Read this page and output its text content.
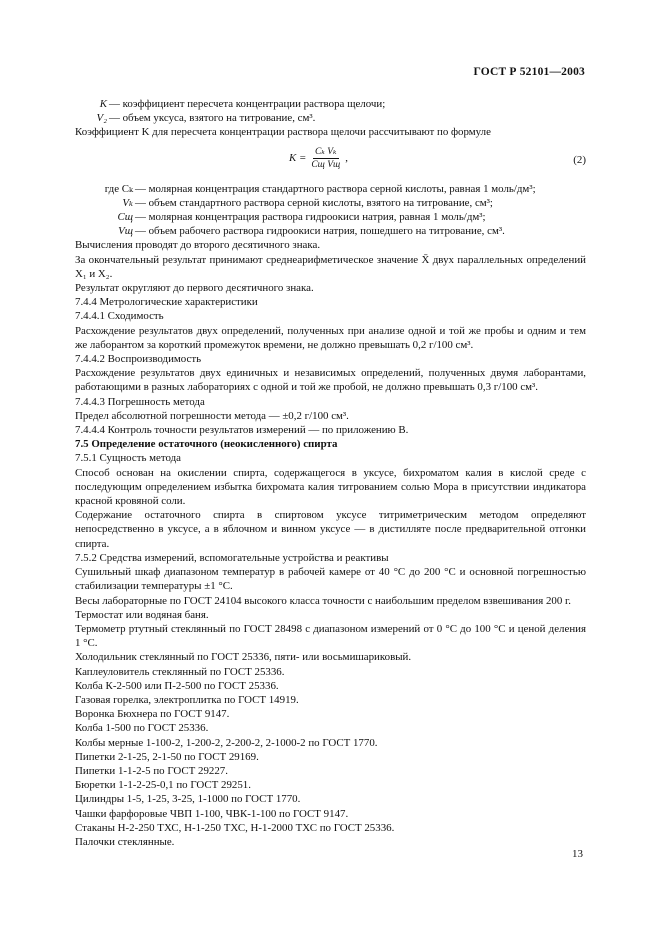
ГОСТ Р 52101—2003
K — коэффициент пересчета концентрации раствора щелочи;
V₂ — объем уксуса, взятого на титрование, см³.

Коэффициент K для пересчета концентрации раствора щелочи рассчитывают по формуле

$K = \frac{\text{Cₖ Vₖ}}{\text{Cщ Vщ}}$ ,	(2)
где Cₖ — молярная концентрация стандартного раствора серной кислоты, равная 1 моль/дм³;
Vₖ — объем стандартного раствора серной кислоты, взятого на титрование, см³;
Cщ — молярная концентрация раствора гидроокиси натрия, равная 1 моль/дм³;
Vщ — объем рабочего раствора гидроокиси натрия, пошедшего на титрование, см³.

Вычисления проводят до второго десятичного знака.

За окончательный результат принимают среднеарифметическое значение X̄ двух параллельных определений X₁ и X₂.

Результат округляют до первого десятичного знака.

7.4.4 Метрологические характеристики

7.4.4.1 Сходимость

Расхождение результатов двух определений, полученных при анализе одной и той же пробы и одним и тем же лаборантом за короткий промежуток времени, не должно превышать 0,2 г/100 см³.

7.4.4.2 Воспроизводимость

Расхождение результатов двух единичных и независимых определений, полученных двумя лаборантами, работающими в разных лабораториях с одной и той же пробой, не должно превышать 0,3 г/100 см³.

7.4.4.3 Погрешность метода

Предел абсолютной погрешности метода — ±0,2 г/100 см³.

7.4.4.4 Контроль точности результатов измерений — по приложению В.

7.5 Определение остаточного (неокисленного) спирта

7.5.1 Сущность метода

Способ основан на окислении спирта, содержащегося в уксусе, бихроматом калия в кислой среде с последующим определением избытка бихромата калия титрованием солью Мора в присутствии индикатора красной кровяной соли.

Содержание остаточного спирта в спиртовом уксусе титриметрическим методом определяют непосредственно в уксусе, а в яблочном и винном уксусе — в дистилляте после предварительной отгонки спирта.

7.5.2 Средства измерений, вспомогательные устройства и реактивы

Сушильный шкаф диапазоном температур в рабочей камере от 40 °С до 200 °С и основной погрешностью стабилизации температуры ±1 °С.

Весы лабораторные по ГОСТ 24104 высокого класса точности с наибольшим пределом взвешивания 200 г.

Термостат или водяная баня.

Термометр ртутный стеклянный по ГОСТ 28498 с диапазоном измерений от 0 °С до 100 °С и ценой деления 1 °С.

Холодильник стеклянный по ГОСТ 25336, пяти- или восьмишариковый.

Каплеуловитель стеклянный по ГОСТ 25336.

Колба К-2-500 или П-2-500 по ГОСТ 25336.

Газовая горелка, электроплитка по ГОСТ 14919.

Воронка Бюхнера по ГОСТ 9147.

Колба 1-500 по ГОСТ 25336.

Колбы мерные 1-100-2, 1-200-2, 2-200-2, 2-1000-2 по ГОСТ 1770.

Пипетки 2-1-25, 2-1-50 по ГОСТ 29169.

Пипетки 1-1-2-5 по ГОСТ 29227.

Бюретки 1-1-2-25-0,1 по ГОСТ 29251.

Цилиндры 1-5, 1-25, 3-25, 1-1000 по ГОСТ 1770.

Чашки фарфоровые ЧВП 1-100, ЧВК-1-100 по ГОСТ 9147.

Стаканы Н-2-250 ТХС, Н-1-250 ТХС, Н-1-2000 ТХС по ГОСТ 25336.

Палочки стеклянные.

13
